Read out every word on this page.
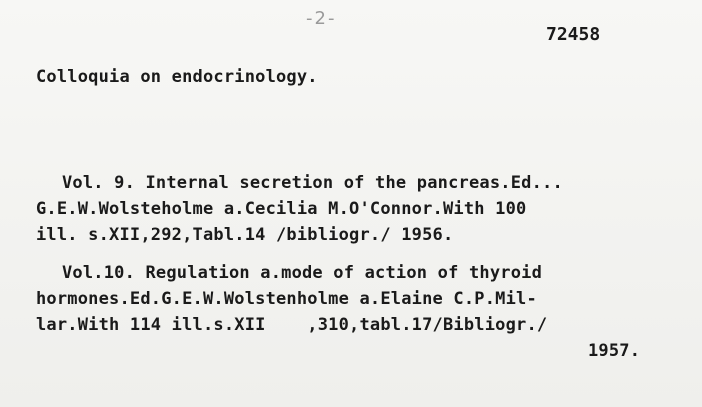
-2-
72458
Colloquia on endocrinology.
Vol. 9. Internal secretion of the pancreas.Ed...
G.E.W.Wolsteholme a.Cecilia M.O'Connor.With 100
ill. s.XII,292,Tabl.14 /bibliogr./ 1956.
Vol.10. Regulation a.mode of action of thyroid
hormones.Ed.G.E.W.Wolstenholme a.Elaine C.P.Mil-
lar.With 114 ill.s.XII    ,310,tabl.17/Bibliogr./
1957.
